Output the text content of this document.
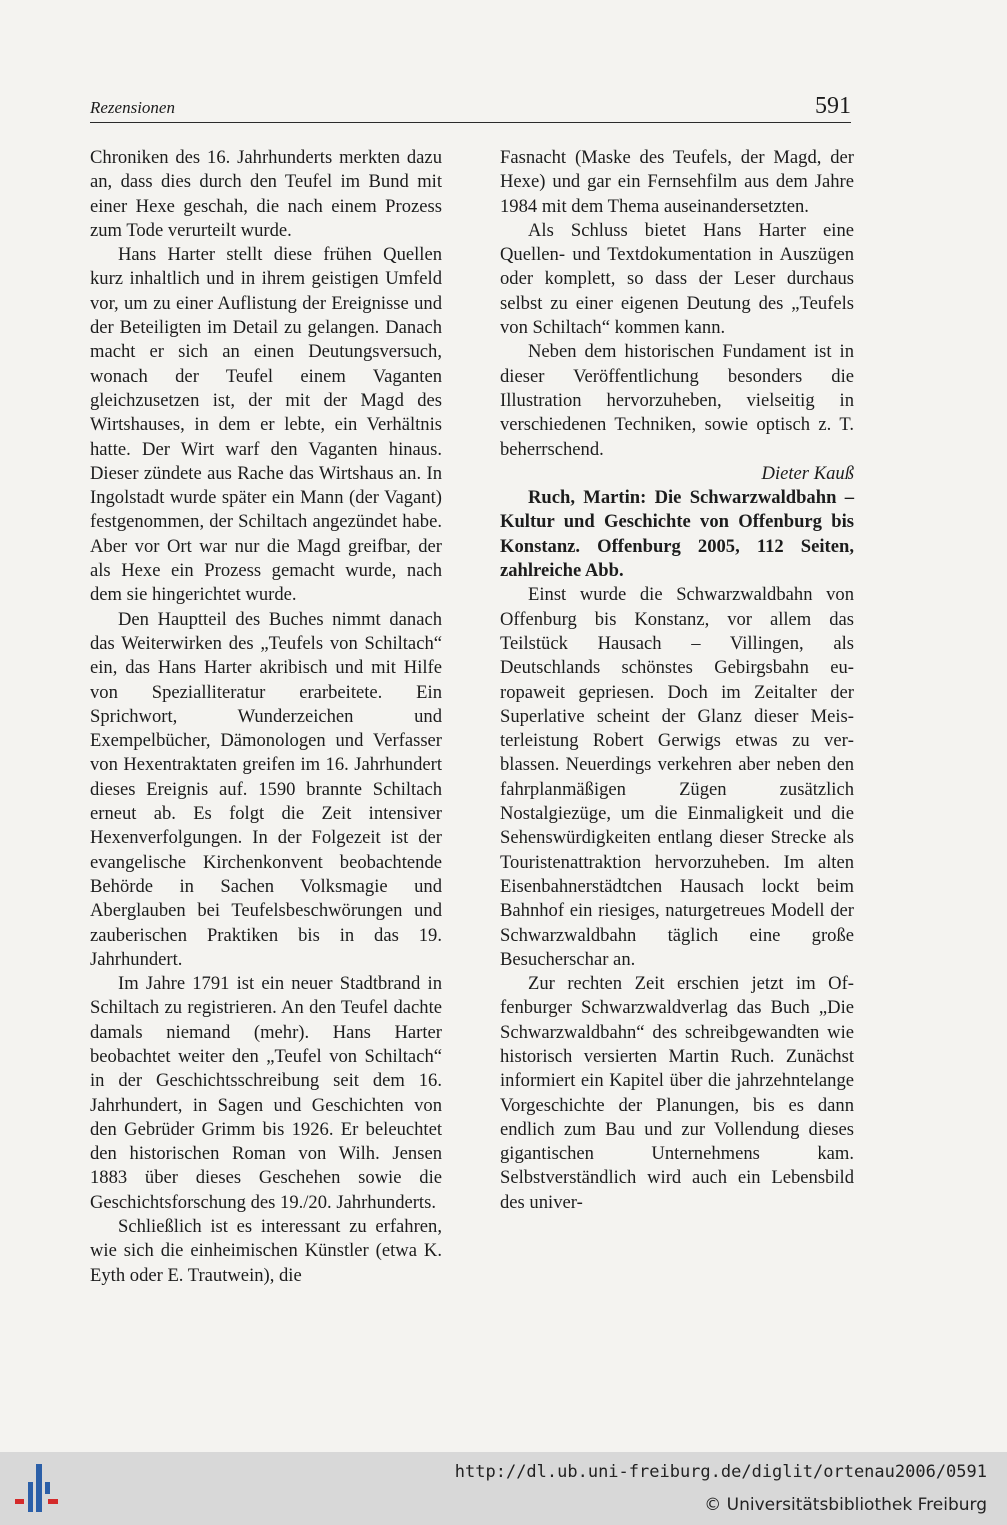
Rezensionen	591

Chroniken des 16. Jahrhunderts merkten dazu an, dass dies durch den Teufel im Bund mit einer Hexe geschah, die nach einem Prozess zum Tode verurteilt wurde.

Hans Harter stellt diese frühen Quellen kurz inhaltlich und in ihrem geistigen Umfeld vor, um zu einer Auflistung der Ereignisse und der Beteiligten im Detail zu gelangen. Danach macht er sich an einen Deutungsversuch, wonach der Teufel einem Vaganten gleichzusetzen ist, der mit der Magd des Wirtshauses, in dem er lebte, ein Verhältnis hatte. Der Wirt warf den Vaganten hinaus. Dieser zündete aus Rache das Wirtshaus an. In Ingolstadt wurde später ein Mann (der Vagant) festgenommen, der Schiltach angezündet habe. Aber vor Ort war nur die Magd greifbar, der als Hexe ein Prozess gemacht wurde, nach dem sie hingerichtet wurde.

Den Hauptteil des Buches nimmt danach das Weiterwirken des „Teufels von Schiltach“ ein, das Hans Harter akribisch und mit Hilfe von Spezialliteratur erarbeitete. Ein Sprichwort, Wunderzeichen und Exempelbücher, Dämonologen und Verfasser von Hexentraktaten greifen im 16. Jahrhundert dieses Ereignis auf. 1590 brannte Schiltach erneut ab. Es folgt die Zeit intensiver Hexenverfolgungen. In der Folgezeit ist der evangelische Kirchenkonvent beobachtende Behörde in Sachen Volksmagie und Aberglauben bei Teufelsbeschwörungen und zauberischen Praktiken bis in das 19. Jahrhundert.

Im Jahre 1791 ist ein neuer Stadtbrand in Schiltach zu registrieren. An den Teufel dachte damals niemand (mehr). Hans Harter beobachtet weiter den „Teufel von Schiltach“ in der Geschichtsschreibung seit dem 16. Jahrhundert, in Sagen und Geschichten von den Gebrüder Grimm bis 1926. Er beleuchtet den historischen Roman von Wilh. Jensen 1883 über dieses Geschehen sowie die Geschichtsforschung des 19./20. Jahrhunderts.

Schließlich ist es interessant zu erfahren, wie sich die einheimischen Künstler (etwa K. Eyth oder E. Trautwein), die

Fasnacht (Maske des Teufels, der Magd, der Hexe) und gar ein Fernsehfilm aus dem Jahre 1984 mit dem Thema auseinandersetzten.

Als Schluss bietet Hans Harter eine Quellen- und Textdokumentation in Auszügen oder komplett, so dass der Leser durchaus selbst zu einer eigenen Deutung des „Teufels von Schiltach“ kommen kann.

Neben dem historischen Fundament ist in dieser Veröffentlichung besonders die Illustration hervorzuheben, vielseitig in verschiedenen Techniken, sowie optisch z. T. beherrschend.

Dieter Kauß

Ruch, Martin: Die Schwarzwaldbahn – Kultur und Geschichte von Offenburg bis Konstanz. Offenburg 2005, 112 Seiten, zahlreiche Abb.

Einst wurde die Schwarzwaldbahn von Offenburg bis Konstanz, vor allem das Teilstück Hausach – Villingen, als Deutschlands schönstes Gebirgsbahn europaweit gepriesen. Doch im Zeitalter der Superlative scheint der Glanz dieser Meisterleistung Robert Gerwigs etwas zu verblassen. Neuerdings verkehren aber neben den fahrplanmäßigen Zügen zusätzlich Nostalgiezüge, um die Einmaligkeit und die Sehenswürdigkeiten entlang dieser Strecke als Touristenattraktion hervorzuheben. Im alten Eisenbahnerstädtchen Hausach lockt beim Bahnhof ein riesiges, naturgetreues Modell der Schwarzwaldbahn täglich eine große Besucherschar an.

Zur rechten Zeit erschien jetzt im Offenburger Schwarzwaldverlag das Buch „Die Schwarzwaldbahn“ des schreibgewandten wie historisch versierten Martin Ruch. Zunächst informiert ein Kapitel über die jahrzehntelange Vorgeschichte der Planungen, bis es dann endlich zum Bau und zur Vollendung dieses gigantischen Unternehmens kam. Selbstverständlich wird auch ein Lebensbild des univer-

http://dl.ub.uni-freiburg.de/diglit/ortenau2006/0591
© Universitätsbibliothek Freiburg
